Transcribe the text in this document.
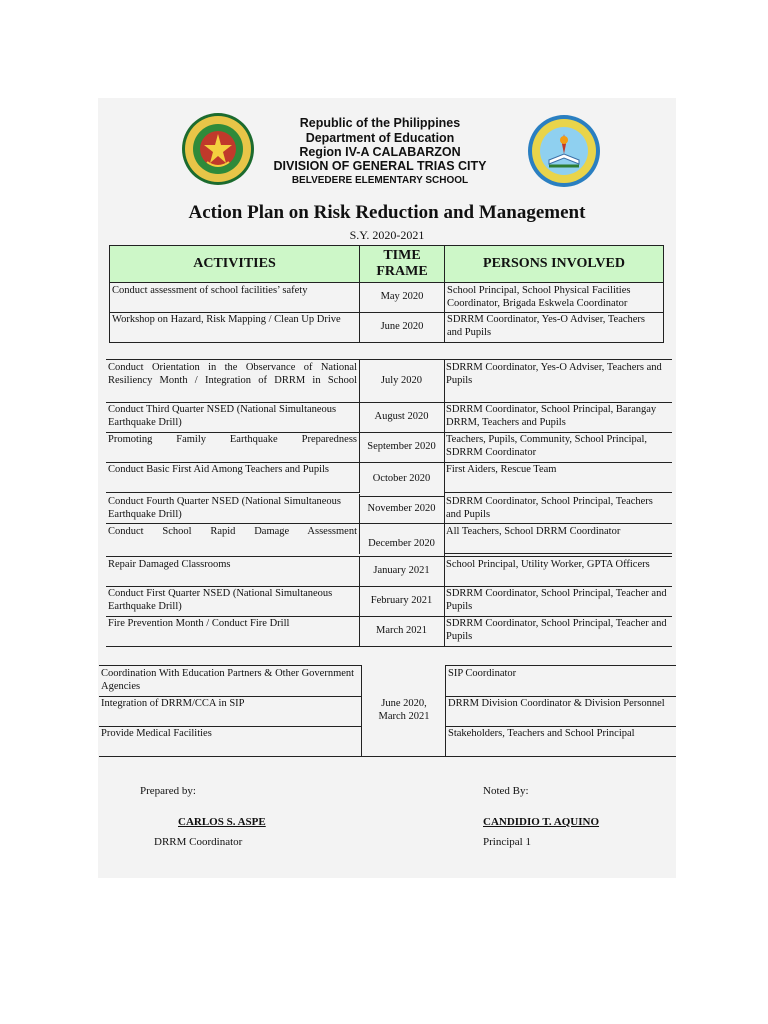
Republic of the Philippines
Department of Education
Region IV-A CALABARZON
DIVISION OF GENERAL TRIAS CITY
BELVEDERE ELEMENTARY SCHOOL
Action Plan on Risk Reduction and Management
S.Y. 2020-2021
ACTIVITIES
TIME FRAME
PERSONS INVOLVED
Conduct assessment of school facilities’ safety
May 2020
School Principal, School Physical Facilities Coordinator, Brigada Eskwela Coordinator
Workshop on Hazard, Risk Mapping / Clean Up Drive
June 2020
SDRRM Coordinator, Yes-O Adviser, Teachers and Pupils
Conduct Orientation in the Observance of National Resiliency Month / Integration of DRRM in School	July 2020
SDRRM Coordinator, Yes-O Adviser, Teachers and Pupils
Conduct Third Quarter NSED (National Simultaneous Earthquake Drill)
August 2020
SDRRM Coordinator, School Principal, Barangay DRRM, Teachers and Pupils
Promoting Family Earthquake Preparedness
September 2020
Teachers, Pupils, Community, School Principal, SDRRM Coordinator
Conduct Basic First Aid Among Teachers and Pupils
October 2020
First Aiders, Rescue Team
Conduct Fourth Quarter NSED (National Simultaneous Earthquake Drill)	November 2020
SDRRM Coordinator, School Principal, Teachers and Pupils
Conduct School Rapid Damage Assessment
December 2020
All Teachers, School DRRM Coordinator
Repair Damaged Classrooms
January 2021
School Principal, Utility Worker, GPTA Officers
Conduct First Quarter NSED (National Simultaneous Earthquake Drill)
February 2021
SDRRM Coordinator, School Principal, Teacher and Pupils
Fire Prevention Month / Conduct Fire Drill
March 2021
SDRRM Coordinator, School Principal, Teacher and Pupils
Coordination With Education Partners & Other Government Agencies
Integration of DRRM/CCA in SIP
Provide Medical Facilities
June 2020, March 2021
SIP Coordinator
DRRM Division Coordinator & Division Personnel
Stakeholders, Teachers and School Principal
Prepared by:
CARLOS S. ASPE
DRRM Coordinator
Noted By:
CANDIDIO T. AQUINO
Principal 1
